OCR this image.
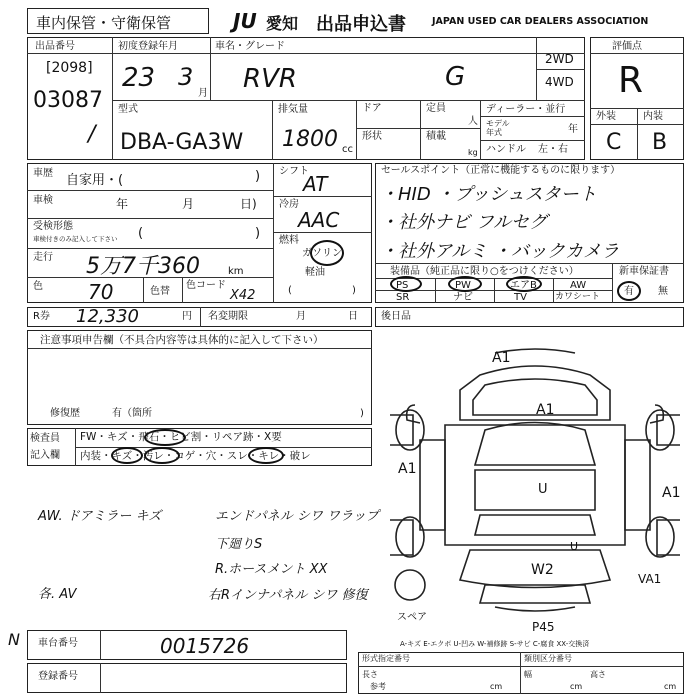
車内保管・守衛保管	JU 愛知 出品申込書	JAPAN USED CAR DEALERS ASSOCIATION
出品番号
[2098]
03087
/
初度登録年月
23 3
月
車名・グレード
RVR	G
2WD
4WD
評価点
R
外装	内装
C B
型式
DBA-GA3W
排気量
1800 cc
ドア	定員
人
形状	積載
kg
ディーラー・並行
モデル
年式	年
ハンドル 左・右
車歴 自家用・(	)
車検	年	月	日)
受検形態
車検付きのみ記入して下さい (	)
走行 5万7千360	km
色 70	色替
色コード
X42
シフト
AT
冷房
AAC
燃料
ガソリン
軽油
(	)
セールスポイント（正常に機能するものに限ります）
・HID ・プッシュスタート
・社外ナビ フルセグ
・社外アルミ ・バックカメラ
装備品（純正品に限り○をつけください）	新車保証書
有 無
PS	PW	エアB	AW
SR	ナビ	TV	カワシート
R券 12,330	円 名変期限	月	日 後日品
注意事項申告欄（不具合内容等は具体的に記入して下さい）
修復歴	有（箇所	)
検査員
記入欄
FW・キズ・飛石・ヒビ割・リペア跡・X要
内装・キズ・汚レ・コゲ・穴・スレ・キレ・破レ
AW. ドアミラー キズ	エンドパネル シワ ワラップ
下廻りS
R.ホースメント XX
各. AV	右Rインナパネル シワ 修復
A1
A1
A1
A1
U
W2
VA1
P45
U
スペア
A-キズ E-エクボ U-凹み W-補修跡 S-サビ C-腐食 XX-交換済
N 車台番号	0015726
登録番号
形式指定番号	類別区分番号
長さ
cm
幅
cm
高さ
cm
参考
